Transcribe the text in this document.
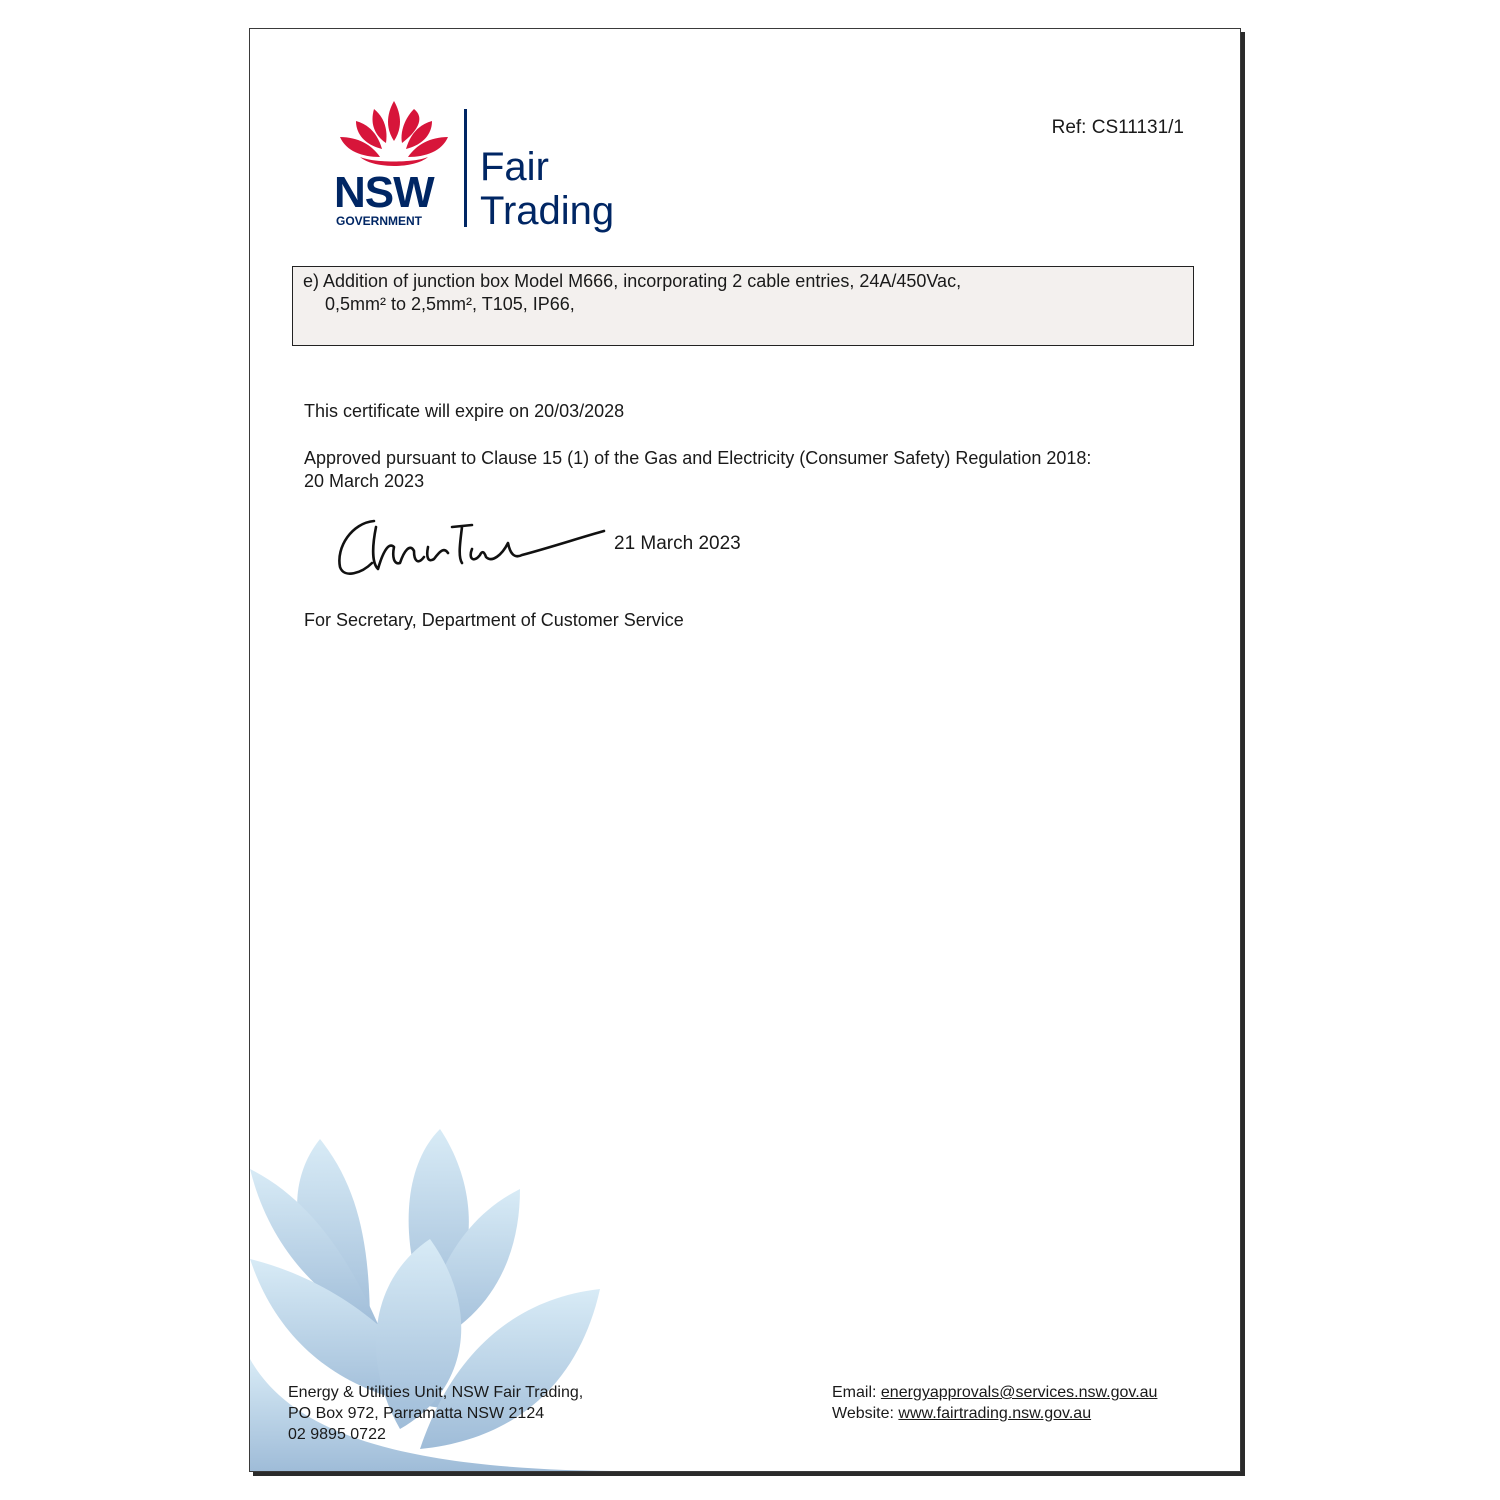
NSW
GOVERNMENT
Fair
Trading
Ref: CS11131/1
e) Addition of junction box Model M666, incorporating 2 cable entries, 24A/450Vac,
0,5mm² to 2,5mm², T105, IP66,
This certificate will expire on 20/03/2028
Approved pursuant to Clause 15 (1) of the Gas and Electricity (Consumer Safety) Regulation 2018:
20 March 2023
21 March 2023
For Secretary, Department of Customer Service
Energy & Utilities Unit, NSW Fair Trading,
PO Box 972, Parramatta NSW 2124
02 9895 0722
Email: energyapprovals@services.nsw.gov.au
Website: www.fairtrading.nsw.gov.au
